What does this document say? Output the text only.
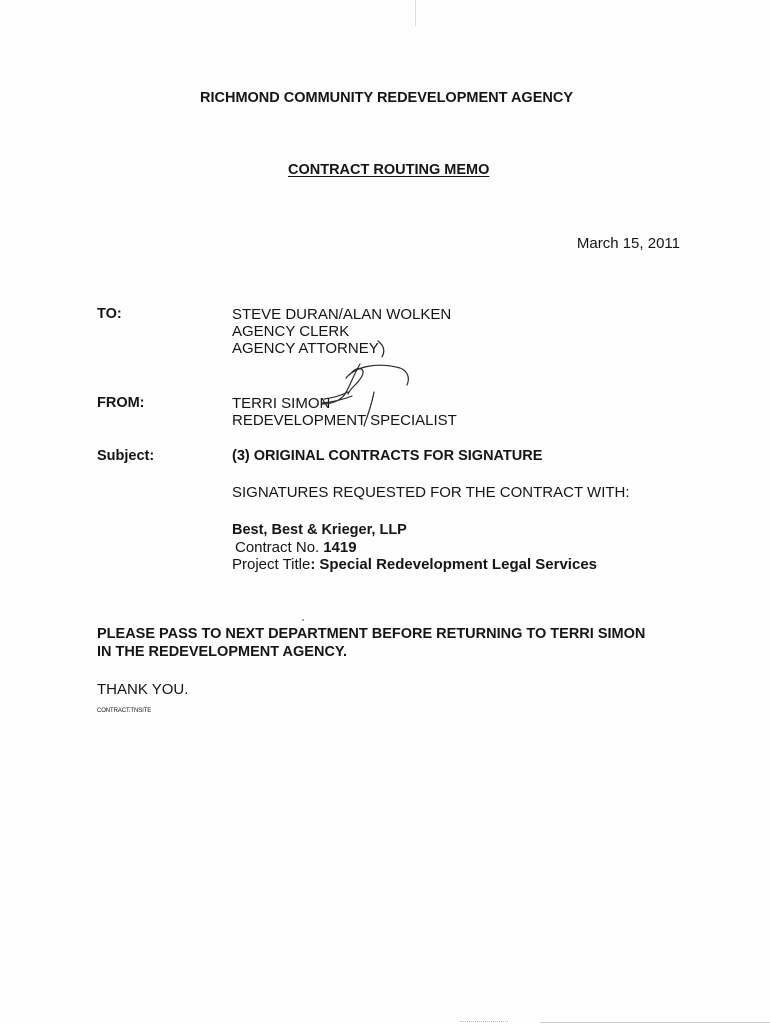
RICHMOND COMMUNITY REDEVELOPMENT AGENCY
CONTRACT ROUTING MEMO
March 15, 2011
TO:	STEVE DURAN/ALAN WOLKEN
AGENCY CLERK
AGENCY ATTORNEY
FROM:	TERRI SIMON
REDEVELOPMENT SPECIALIST
Subject:	(3) ORIGINAL CONTRACTS FOR SIGNATURE
SIGNATURES REQUESTED FOR THE CONTRACT WITH:
Best, Best & Krieger, LLP
Contract No. 1419
Project Title: Special Redevelopment Legal Services
PLEASE PASS TO NEXT DEPARTMENT BEFORE RETURNING TO TERRI SIMON
IN THE REDEVELOPMENT AGENCY.
THANK YOU.
CONTRACT.TNSITE
